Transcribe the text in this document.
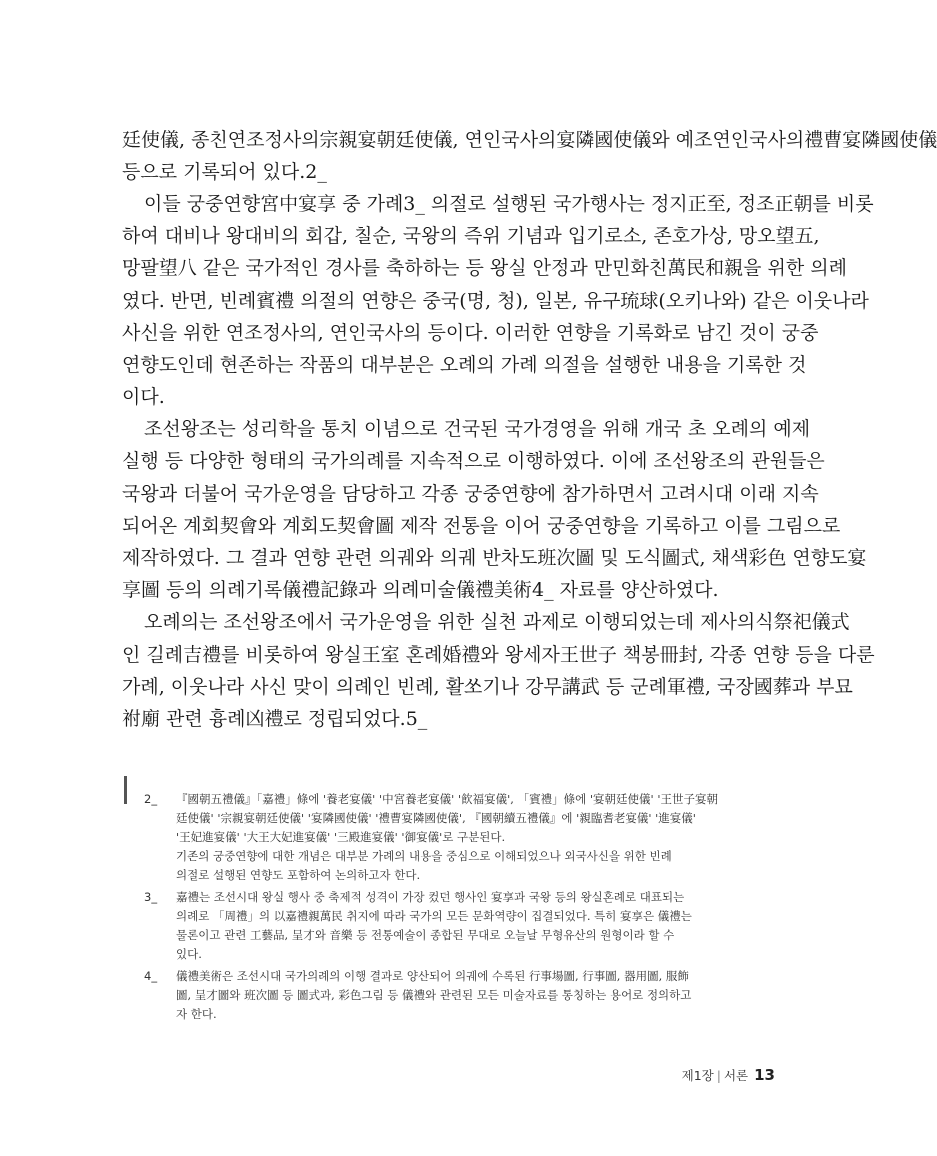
廷使儀, 종친연조정사의宗親宴朝廷使儀, 연인국사의宴隣國使儀와 예조연인국사의禮曹宴隣國使儀
등으로 기록되어 있다.2_
이들 궁중연향宮中宴享 중 가례3_ 의절로 설행된 국가행사는 정지正至, 정조正朝를 비롯
하여 대비나 왕대비의 회갑, 칠순, 국왕의 즉위 기념과 입기로소, 존호가상, 망오望五,
망팔望八 같은 국가적인 경사를 축하하는 등 왕실 안정과 만민화친萬民和親을 위한 의례
였다. 반면, 빈례賓禮 의절의 연향은 중국(명, 청), 일본, 유구琉球(오키나와) 같은 이웃나라
사신을 위한 연조정사의, 연인국사의 등이다. 이러한 연향을 기록화로 남긴 것이 궁중
연향도인데 현존하는 작품의 대부분은 오례의 가례 의절을 설행한 내용을 기록한 것
이다.
조선왕조는 성리학을 통치 이념으로 건국된 국가경영을 위해 개국 초 오례의 예제
실행 등 다양한 형태의 국가의례를 지속적으로 이행하였다. 이에 조선왕조의 관원들은
국왕과 더불어 국가운영을 담당하고 각종 궁중연향에 참가하면서 고려시대 이래 지속
되어온 계회契會와 계회도契會圖 제작 전통을 이어 궁중연향을 기록하고 이를 그림으로
제작하였다. 그 결과 연향 관련 의궤와 의궤 반차도班次圖 및 도식圖式, 채색彩色 연향도宴
享圖 등의 의례기록儀禮記錄과 의례미술儀禮美術4_ 자료를 양산하였다.
오례의는 조선왕조에서 국가운영을 위한 실천 과제로 이행되었는데 제사의식祭祀儀式
인 길례吉禮를 비롯하여 왕실王室 혼례婚禮와 왕세자王世子 책봉冊封, 각종 연향 등을 다룬
가례, 이웃나라 사신 맞이 의례인 빈례, 활쏘기나 강무講武 등 군례軍禮, 국장國葬과 부묘
祔廟 관련 흉례凶禮로 정립되었다.5_
2_ 『國朝五禮儀』「嘉禮」條에 '養老宴儀' '中宮養老宴儀' '飮福宴儀', 「賓禮」條에 '宴朝廷使儀' '王世子宴朝
廷使儀' '宗親宴朝廷使儀' '宴隣國使儀' '禮曹宴隣國使儀', 『國朝續五禮儀』에 '親臨耆老宴儀' '進宴儀'
'王妃進宴儀' '大王大妃進宴儀' '三殿進宴儀' '御宴儀'로 구분된다.
기존의 궁중연향에 대한 개념은 대부분 가례의 내용을 중심으로 이해되었으나 외국사신을 위한 빈례
의절로 설행된 연향도 포함하여 논의하고자 한다.
3_ 嘉禮는 조선시대 왕실 행사 중 축제적 성격이 가장 컸던 행사인 宴享과 국왕 등의 왕실혼례로 대표되는
의례로 「周禮」의 以嘉禮親萬民 취지에 따라 국가의 모든 문화역량이 집결되었다. 특히 宴享은 儀禮는
물론이고 관련 工藝品, 呈才와 音樂 등 전통예술이 종합된 무대로 오늘날 무형유산의 원형이라 할 수
있다.
4_ 儀禮美術은 조선시대 국가의례의 이행 결과로 양산되어 의궤에 수록된 行事場圖, 行事圖, 器用圖, 服飾
圖, 呈才圖와 班次圖 등 圖式과, 彩色그림 등 儀禮와 관련된 모든 미술자료를 통칭하는 용어로 정의하고
자 한다.
제1장 | 서론 13
